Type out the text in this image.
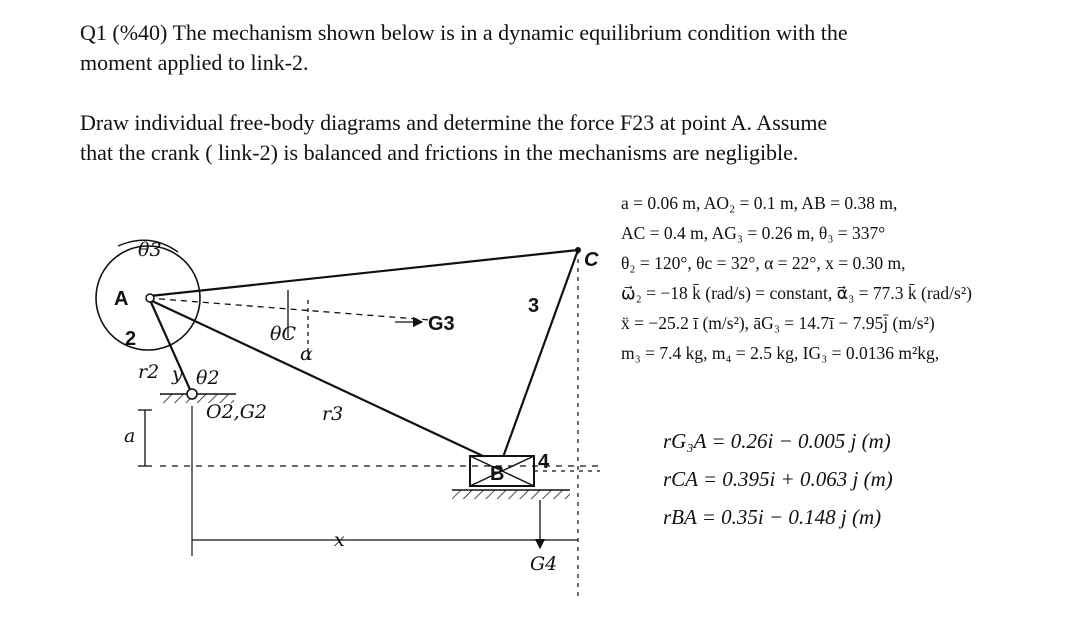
Q1 (%40) The mechanism shown below is in a dynamic equilibrium condition with the
moment applied to link-2.

Draw individual free-body diagrams and determine the force F23 at point A. Assume
that the crank ( link-2) is balanced and frictions in the mechanisms are negligible.

a = 0.06 m, AO₂ = 0.1 m, AB = 0.38 m,
AC = 0.4 m, AG₃ = 0.26 m, θ₃ = 337°
θ₂ = 120°, θc = 32°, α = 22°, x = 0.30 m,
ω⃗₂ = −18 k̄ (rad/s) = constant, α⃗₃ = 77.3 k̄ (rad/s²)
ẍ = −25.2 ī (m/s²), āG₃ = 14.7ī − 7.95j̄ (m/s²)
m₃ = 7.4 kg, m₄ = 2.5 kg, IG₃ = 0.0136 m²kg,
rG₃A = 0.26i − 0.005 j (m)
rCA = 0.395i + 0.063 j (m)
rBA = 0.35i − 0.148 j (m)
A
2
θ3
θC
α
G3
3
C
r2 y θ2
r3
O2,G2
a
x
B
4
G4
